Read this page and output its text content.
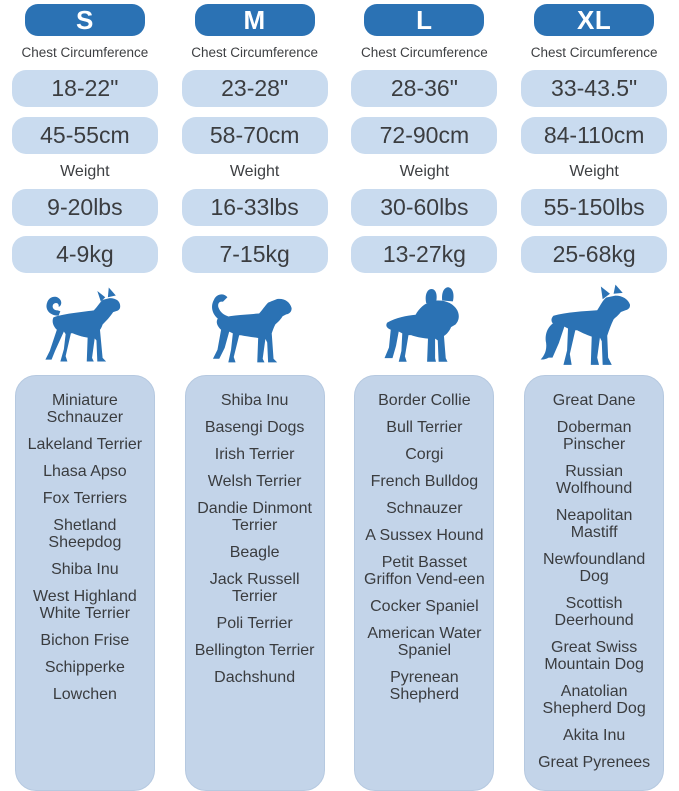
S
Chest Circumference
18-22"
45-55cm
Weight
9-20lbs
4-9kg
Miniature Schnauzer
Lakeland Terrier
Lhasa Apso
Fox Terriers
Shetland Sheepdog
Shiba Inu
West Highland White Terrier
Bichon Frise
Schipperke
Lowchen
M
Chest Circumference
23-28"
58-70cm
Weight
16-33lbs
7-15kg
Shiba Inu
Basengi Dogs
Irish Terrier
Welsh Terrier
Dandie Dinmont Terrier
Beagle
Jack Russell Terrier
Poli Terrier
Bellington Terrier
Dachshund
L
Chest Circumference
28-36"
72-90cm
Weight
30-60lbs
13-27kg
Border Collie
Bull Terrier
Corgi
French Bulldog
Schnauzer
A Sussex Hound
Petit Basset Griffon Vend-een
Cocker Spaniel
American Water Spaniel
Pyrenean Shepherd
XL
Chest Circumference
33-43.5"
84-110cm
Weight
55-150lbs
25-68kg
Great Dane
Doberman Pinscher
Russian Wolfhound
Neapolitan Mastiff
Newfoundland Dog
Scottish Deerhound
Great Swiss Mountain Dog
Anatolian Shepherd Dog
Akita Inu
Great Pyrenees
